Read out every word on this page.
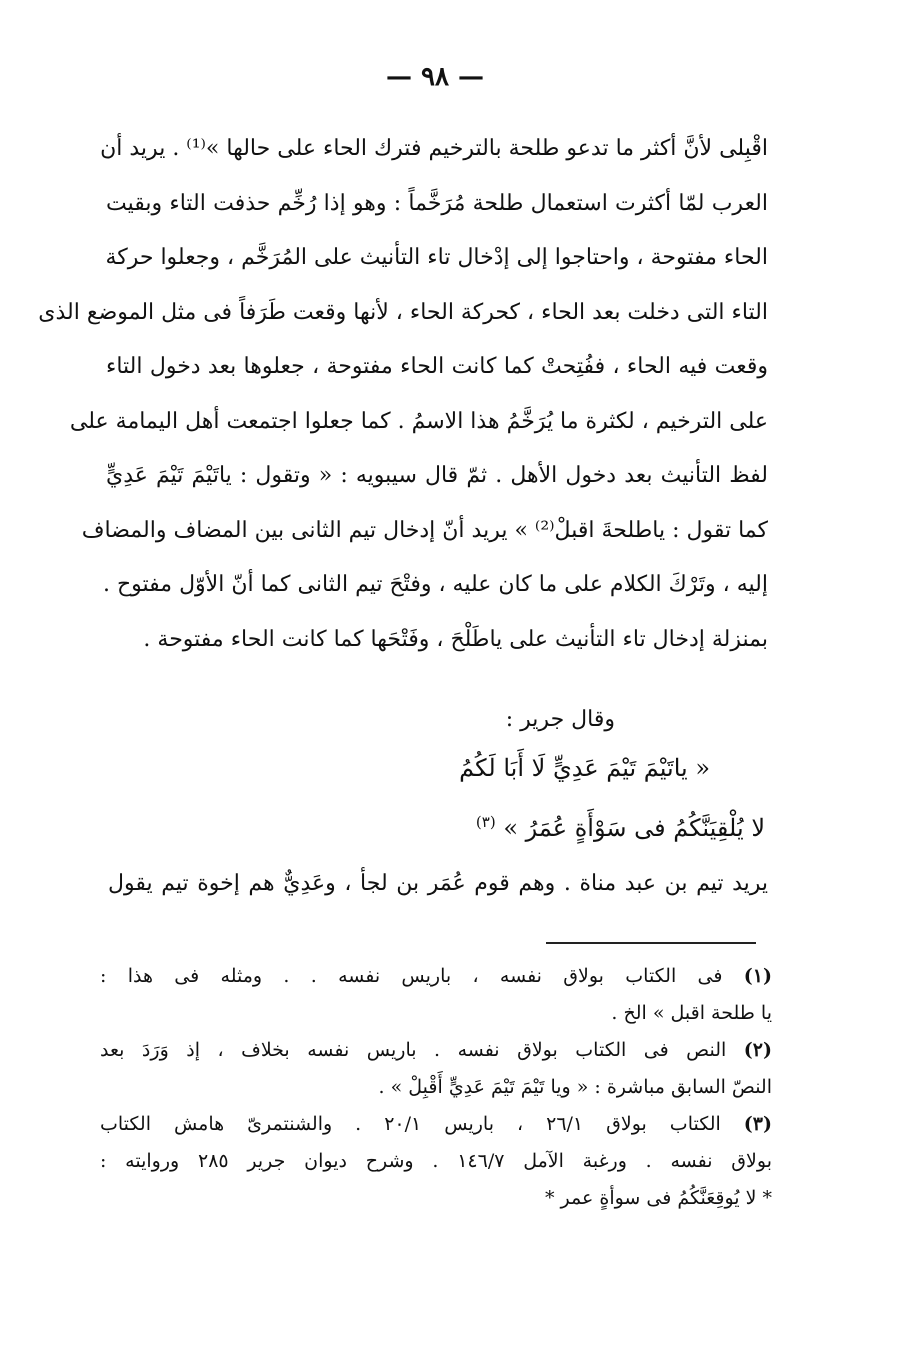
— ٩٨ —
اقْبِلى لأنَّ أكثر ما تدعو طلحة بالترخيم فترك الحاء على حالها »⁽¹⁾ . يريد أن
العرب لمّا أكثرت استعمال طلحة مُرَخَّماً : وهو إذا رُخِّم حذفت التاء وبقيت
الحاء مفتوحة ، واحتاجوا إلى إدْخال تاء التأنيث على المُرَخَّم ، وجعلوا حركة
التاء التى دخلت بعد الحاء ، كحركة الحاء ، لأنها وقعت طَرَفاً فى مثل الموضع الذى
وقعت فيه الحاء ، ففُتِحتْ كما كانت الحاء مفتوحة ، جعلوها بعد دخول التاء
على الترخيم ، لكثرة ما يُرَخَّمُ هذا الاسمُ . كما جعلوا اجتمعت أهل اليمامة على
لفظ التأنيث بعد دخول الأهل . ثمّ قال سيبويه : « وتقول : ياتَيْمَ تَيْمَ عَدِيٍّ
كما تقول : ياطلحةَ اقبلْ⁽²⁾ » يريد أنّ إدخال تيم الثانى بين المضاف والمضاف
إليه ، وتَرْكَ الكلام على ما كان عليه ، وفتْحَ تيم الثانى كما أنّ الأوّل مفتوح .
بمنزلة إدخال تاء التأنيث على ياطَلْحَ ، وفَتْحَها كما كانت الحاء مفتوحة .
وقال جرير :
« ياتَيْمَ تَيْمَ عَدِيٍّ لَا أَبَا لَكُمُ
لا يُلْقِيَنَّكُمُ فى سَوْأَةٍ عُمَرُ » $^{(٣)}$
يريد تيم بن عبد مناة . وهم قوم عُمَر بن لجأ ، وعَدِيٌّ هم إخوة تيم يقول
(١) فى الكتاب بولاق نفسه ، باريس نفسه . . ومثله فى هذا :
يا طلحة اقبل » الخ .
(٢) النص فى الكتاب بولاق نفسه . باريس نفسه بخلاف ، إذ وَرَدَ بعد
النصّ السابق مباشرة : « ويا تَيْمَ تَيْمَ عَدِيٍّ أَقْبِلْ » .
(٣) الكتاب بولاق ٢٦/١ ، باريس ٢٠/١ . والشنتمرىّ هامش الكتاب
بولاق نفسه . ورغبة الآمل ١٤٦/٧ . وشرح ديوان جرير ٢٨٥ وروايته :
* لا يُوقِعَنَّكُمُ فى سوأةٍ عمر *
